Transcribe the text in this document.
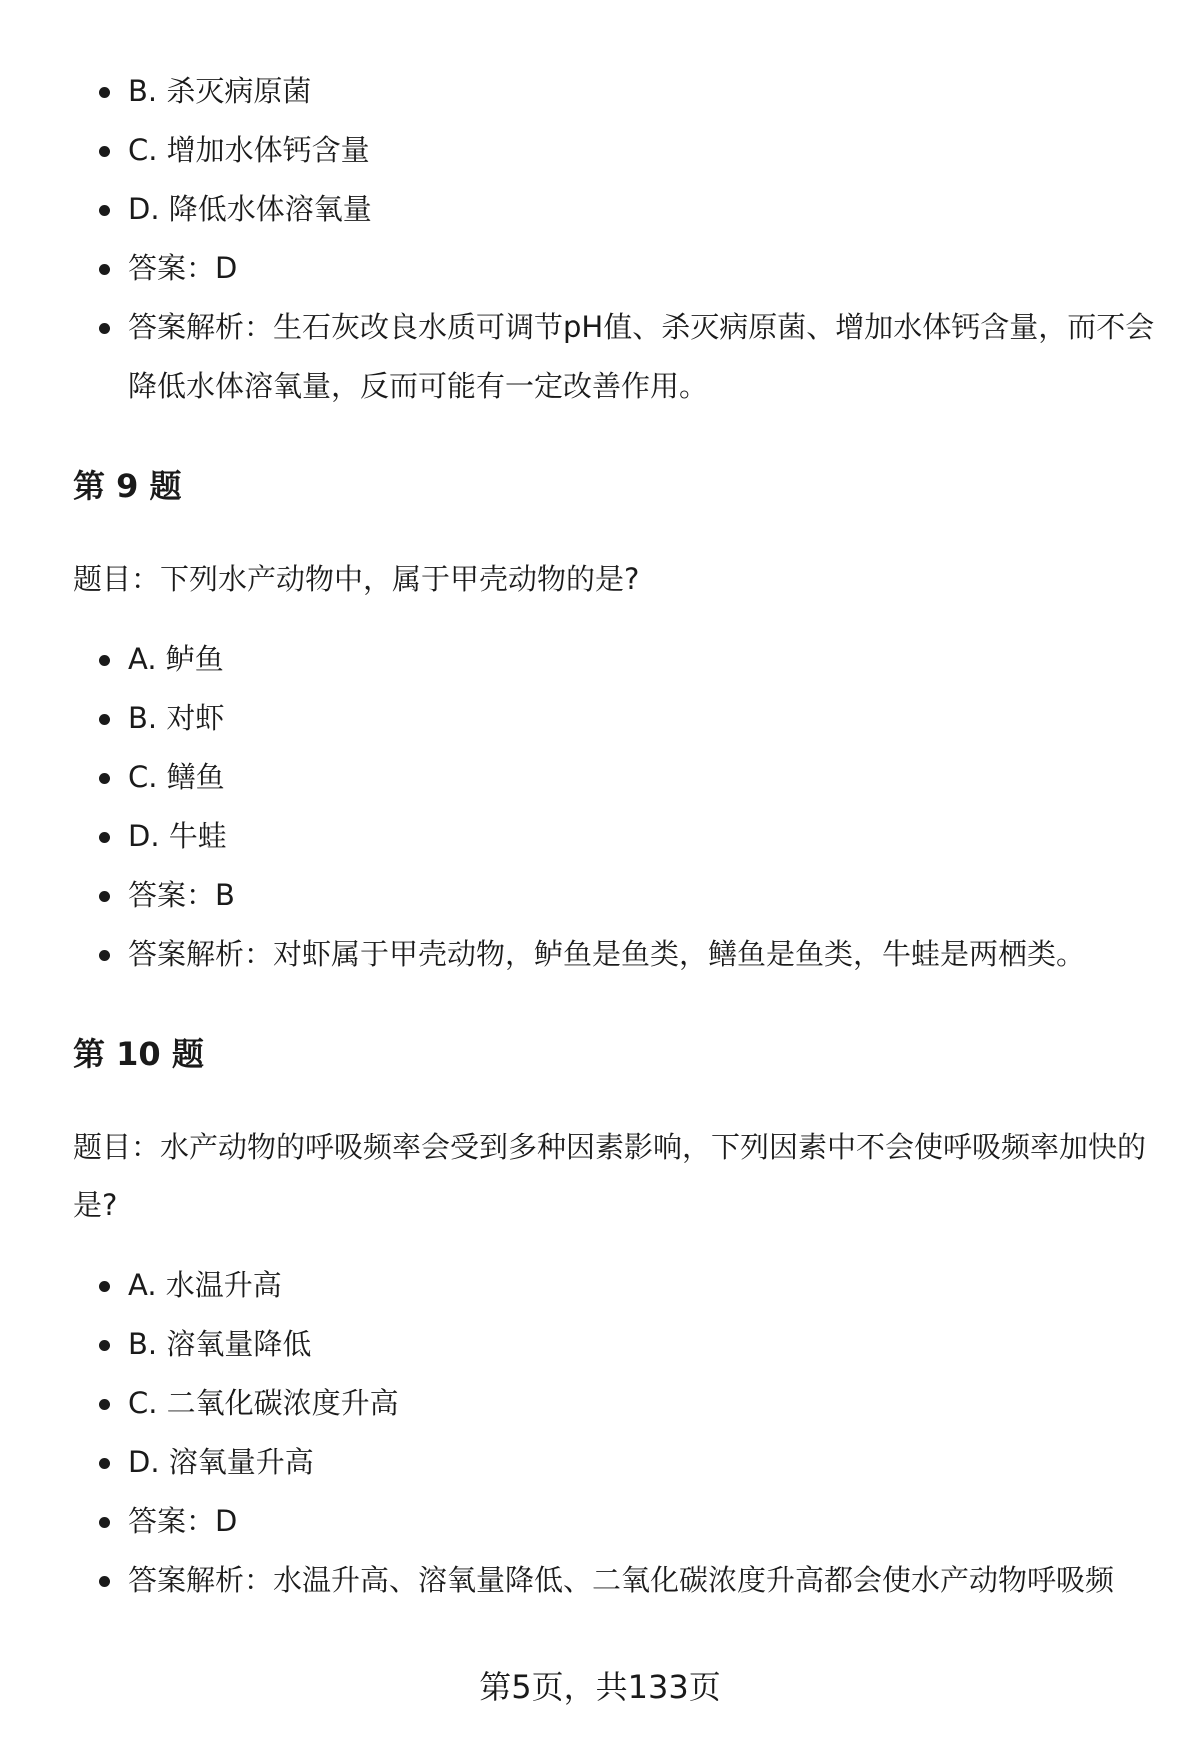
B. 杀灭病原菌
C. 增加水体钙含量
D. 降低水体溶氧量
答案：D
答案解析：生石灰改良水质可调节pH值、杀灭病原菌、增加水体钙含量，而不会降低水体溶氧量，反而可能有一定改善作用。
第 9 题

题目：下列水产动物中，属于甲壳动物的是?

A. 鲈鱼
B. 对虾
C. 鳝鱼
D. 牛蛙
答案：B
答案解析：对虾属于甲壳动物，鲈鱼是鱼类，鳝鱼是鱼类，牛蛙是两栖类。
第 10 题

题目：水产动物的呼吸频率会受到多种因素影响，下列因素中不会使呼吸频率加快的是?

A. 水温升高
B. 溶氧量降低
C. 二氧化碳浓度升高
D. 溶氧量升高
答案：D
答案解析：水温升高、溶氧量降低、二氧化碳浓度升高都会使水产动物呼吸频
第5页，共133页
